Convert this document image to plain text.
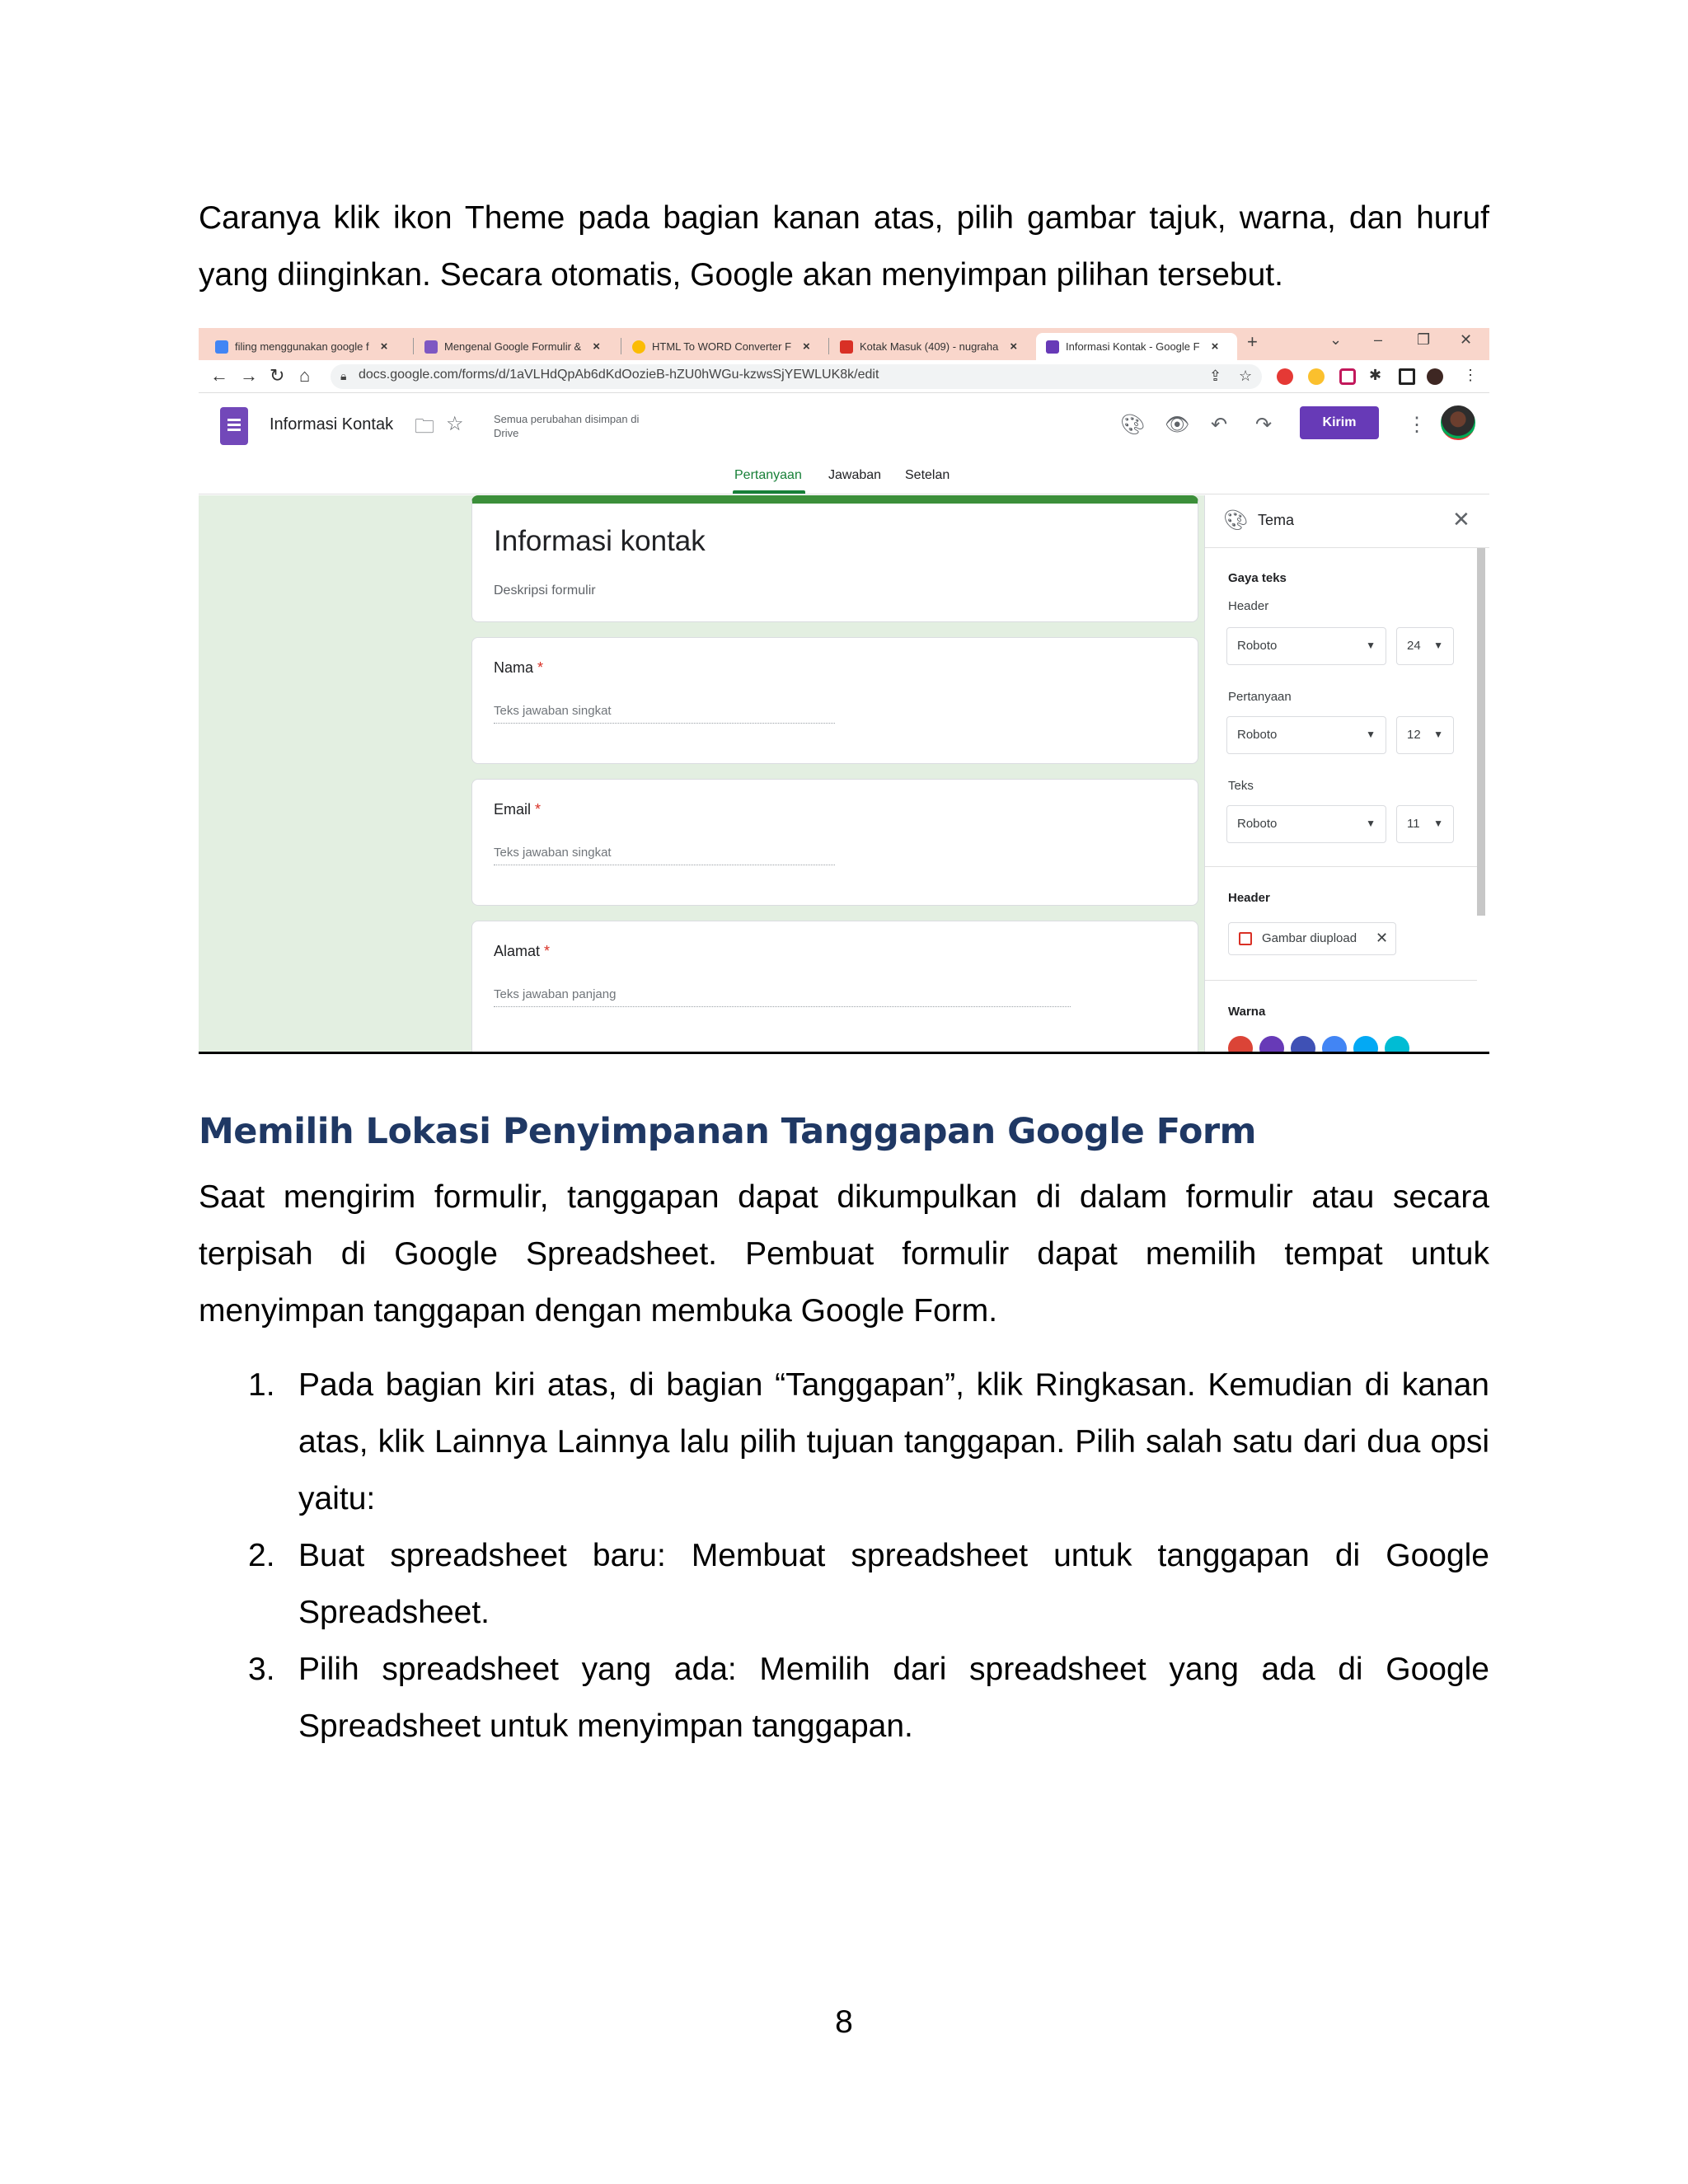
Caranya klik ikon Theme pada bagian kanan atas, pilih gambar tajuk, warna, dan huruf yang diinginkan. Secara otomatis, Google akan menyimpan pilihan tersebut.

filing menggunakan google f ×	Mengenal Google Formulir & ×	HTML To WORD Converter F ×	Kotak Masuk (409) - nugraha ×	Informasi Kontak - Google F × +	⌄ – ❐ ✕
← → ↻ ⌂	🔒︎ docs.google.com/forms/d/1aVLHdQpAb6dKdOozieB-hZU0hWGu-kzwsSjYEWLUK8k/edit	⇪ ☆	✱	⋮
Informasi Kontak 🗀︎ ☆	Semua perubahan disimpan di Drive	🎨︎ 👁︎ ↶ ↷	Kirim	⋮
Pertanyaan Jawaban Setelan
Informasi kontak
Deskripsi formulir
Nama *
Teks jawaban singkat
Email *
Teks jawaban singkat
Alamat *
Teks jawaban panjang
🎨︎ Tema	✕
Gaya teks
Header
Roboto	▼	24 ▼
Pertanyaan
Roboto	▼	12 ▼
Teks
Roboto	▼	11 ▼
Header
Gambar diupload ✕
Warna
Memilih Lokasi Penyimpanan Tanggapan Google Form

Saat mengirim formulir, tanggapan dapat dikumpulkan di dalam formulir atau secara terpisah di Google Spreadsheet. Pembuat formulir dapat memilih tempat untuk menyimpan tanggapan dengan membuka Google Form.

1. Pada bagian kiri atas, di bagian “Tanggapan”, klik Ringkasan. Kemudian di kanan atas, klik Lainnya Lainnya lalu pilih tujuan tanggapan. Pilih salah satu dari dua opsi yaitu:
2. Buat spreadsheet baru: Membuat spreadsheet untuk tanggapan di Google Spreadsheet.
3. Pilih spreadsheet yang ada: Memilih dari spreadsheet yang ada di Google Spreadsheet untuk menyimpan tanggapan.
8
